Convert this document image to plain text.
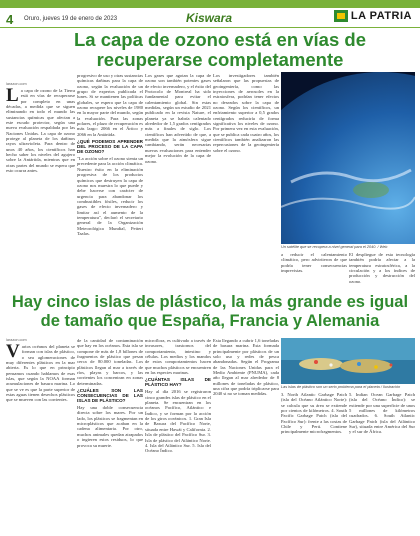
4 Oruro, jueves 19 de enero de 2023	Kiswara	LA PATRIA
La capa de ozono está en vías de recuperarse completamente
larazon.com

La capa de ozono de la Tierra está en vías de recuperarse por completo en unas décadas, a medida que se siguen eliminando en todo el mundo las sustancias químicas que afectan a este escudo protector, según una nueva evaluación respaldada por las Naciones Unidas. La capa de ozono protege al planeta de los dañinos rayos ultravioleta. Para dentro de unos 40 años, los científicos han hecho saber los niveles del agujero sobre la Antártida, mientras que en otras partes del mundo se espera que esto ocurra antes.

progresivo de uso y otras sustancias químicas dañinas para la capa de ozono, según la evaluación de un grupo de expertos publicada el lunes. Si se mantienen las políticas globales, se espera que la capa de ozono recupere los niveles de 1980 en la mayor parte del mundo, según la evaluación. Para las zonas polares, el plazo de recuperación es más largo: 2066 en el Ártico y 2066 en la Antártida.

¿QUÉ PODEMOS APRENDER DEL PROCESO DE LA CAPA DE OZONO?

"La acción sobre el ozono sienta un precedente para la acción climática. Nuestro éxito en la eliminación progresiva de los productos químicos que destruyen la capa de ozono nos muestra lo que puede y debe hacerse con carácter de urgencia para abandonar los combustibles fósiles, reducir los gases de efecto invernadero y limitar así el aumento de la temperatura", declaró el secretario general de la Organización Meteorológica Mundial, Petteri Taalas.

Los gases que agotan la capa de ozono son también potentes gases de efecto invernadero, y el éxito del Protocolo de Montreal ha sido fundamental para evitar el calentamiento global. Sin estas medidas, según un estudio de 2021 publicado en la revista Nature, el planeta ya se habría calentado alrededor de 1,5 grados centígrados más a finales de siglo. Los científicos han advertido de que, a medida que la atmósfera sigue cambiando, serán necesarias nuevas evaluaciones para entender mejor la evolución de la capa de ozono.

Los investigadores también señalaron que las propuestas de geoingeniería, como las inyecciones de aerosoles en la estratosfera, podrían tener efectos no deseados sobre la capa de ozono. Según los científicos, un enfriamiento superior a 0,5 grados centígrados reduciría de forma significativa los niveles de ozono. Por primera vez en esta evaluación, que se publica cada cuatro años, los científicos también analizaron las repercusiones de la geoingeniería sobre el ozono.

Un satélite que se recupera a nivel general para el 2040. / Web

a reducir el calentamiento climático, pero advirtieron de que podría tener consecuencias imprevistas.

El despliegue de esta tecnología también podría afectar a la temperatura estratosférica, a la circulación y a los índices de producción y destrucción del ozono.

Hay cinco islas de plástico, la más grande es igual de tamaño que España, Francia y Alemania
larazon.com

Varios océanos del planeta se forman con islas de plástico, o sea aglomeraciones de muy diferentes plásticos en la mar abierta. Es lo que en principio pensamos cuando hablamos de esas islas, que según la NOAA forman acumulaciones de basura marina. Lo que se ve es que la parte superior de estas aguas tienen desechos plásticos que se mueven con las corrientes.

de la cantidad de contaminación que hay en los océanos. Esta isla se compone de más de 1,8 billones de fragmentos de plástico que pesan cerca de 80.000 toneladas. Los plásticos llegan al mar a través de ríos, playas y barcos, y las corrientes los concentran en zonas determinadas.

¿CUÁLES SON LAS CONSECUENCIAS DE LAS ISLAS DE PLÁSTICO?

Hay una doble consecuencia directa sobre los mares. Por un lado, los plásticos se fragmentan en microplásticos que acaban en la cadena alimentaria. Por otro, muchos animales quedan atrapados o ingieren estos residuos, lo que provoca su muerte.

microflora, es cultivado a través de invasores, trastornos del comportamiento, intestino y células. Los medios y los mandos de estos comportamientos hacen que muchos plásticos se encuentren en las especies marinas.

¿CUÁNTAS ISLAS DE PLÁSTICO HAY?

Hay al día 2016 se registraron cinco grandes islas de plástico en el planeta. Se encuentran en los océanos Pacífico, Atlántico e Índico, y se forman por la acción de los giros oceánicos. 1. Gran Isla de Basura del Pacífico Norte, situada entre Hawái y California. 2. Isla de plástico del Pacífico Sur. 3. Isla de plástico del Atlántico Norte. 4. Isla del Atlántico Sur. 5. Isla del Océano Índico.

Esta llegando a cubrir 1,6 toneladas de basura marina. Esta formada principalmente por plásticos de un solo uso y redes de pesca abandonadas. Según el Programa de las Naciones Unidas para el Medio Ambiente (PNUMA), cada año llegan al mar alrededor de 8 millones de toneladas de plástico, una cifra que podría triplicarse para 2040 si no se toman medidas.

Las islas de plástico son un serio problema para el planeta / Ilustración

3. North Atlantic Garbage Patch (isla del Océano Atlántico Norte): se calcula que su área se extiende por cientos de kilómetros. 4. South Pacific Garbage Patch (isla del Pacífico Sur): frente a las costas de Chile y Perú. Contiene principalmente microfragmentos.

5. Indian Ocean Garbage Patch (isla del Océano Índico): se extiende por una superficie de unos 5 millones de kilómetros cuadrados. 6. South Atlantic Garbage Patch (isla del Atlántico Sur), situada entre América del Sur y el sur de África.
